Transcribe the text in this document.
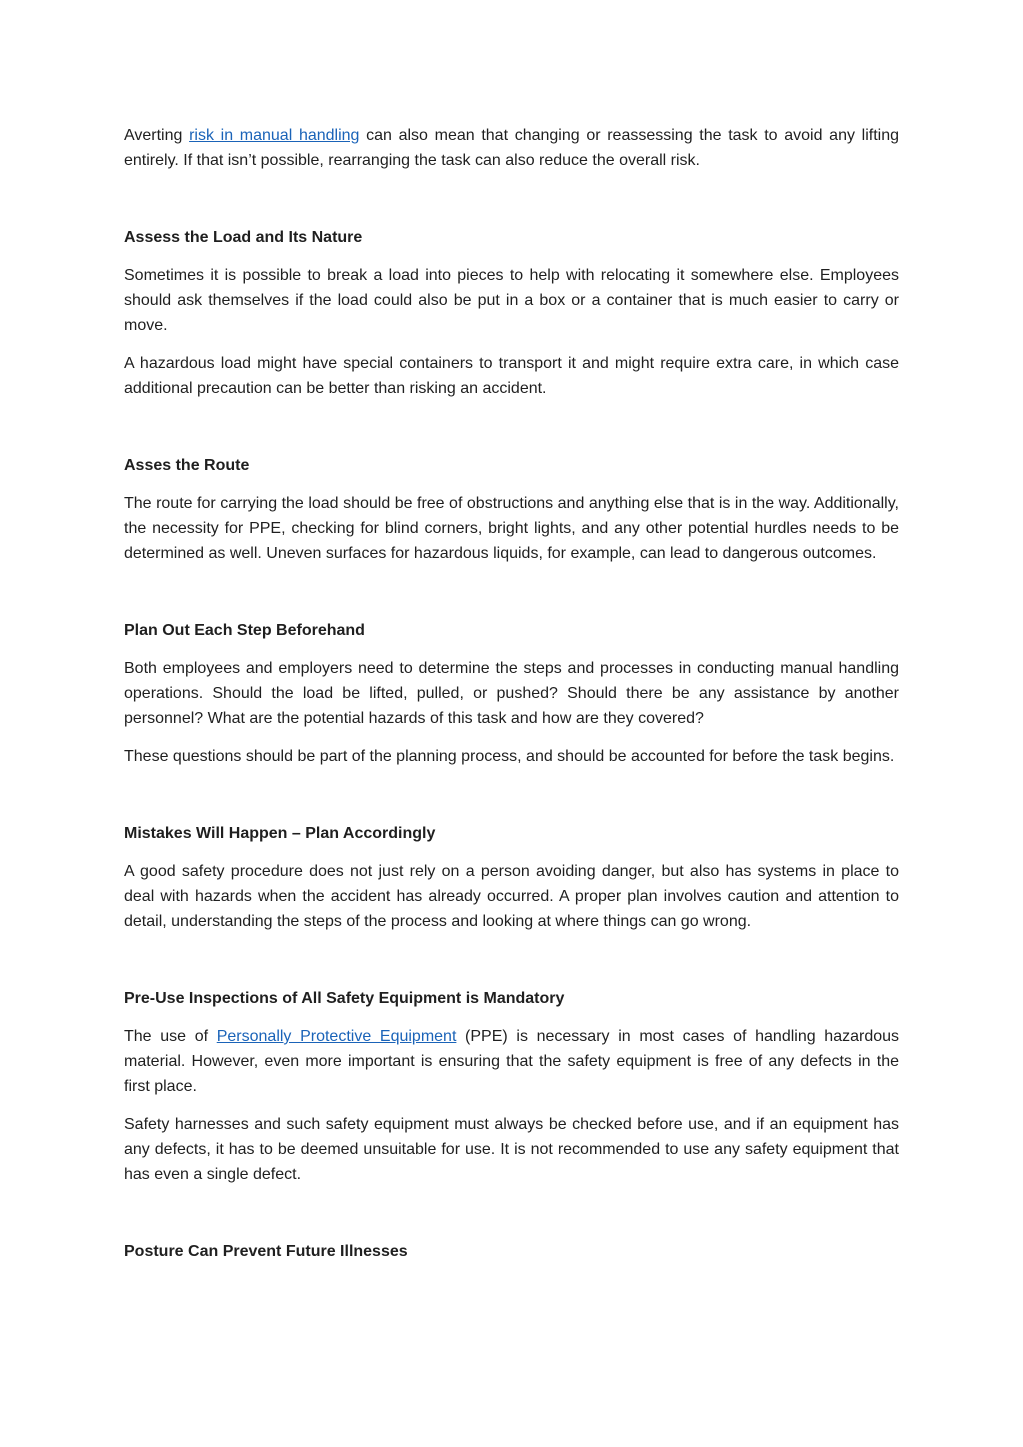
Averting risk in manual handling can also mean that changing or reassessing the task to avoid any lifting entirely. If that isn’t possible, rearranging the task can also reduce the overall risk.

Assess the Load and Its Nature

Sometimes it is possible to break a load into pieces to help with relocating it somewhere else. Employees should ask themselves if the load could also be put in a box or a container that is much easier to carry or move.

A hazardous load might have special containers to transport it and might require extra care, in which case additional precaution can be better than risking an accident.

Asses the Route

The route for carrying the load should be free of obstructions and anything else that is in the way. Additionally, the necessity for PPE, checking for blind corners, bright lights, and any other potential hurdles needs to be determined as well. Uneven surfaces for hazardous liquids, for example, can lead to dangerous outcomes.

Plan Out Each Step Beforehand

Both employees and employers need to determine the steps and processes in conducting manual handling operations. Should the load be lifted, pulled, or pushed? Should there be any assistance by another personnel? What are the potential hazards of this task and how are they covered?

These questions should be part of the planning process, and should be accounted for before the task begins.

Mistakes Will Happen – Plan Accordingly

A good safety procedure does not just rely on a person avoiding danger, but also has systems in place to deal with hazards when the accident has already occurred. A proper plan involves caution and attention to detail, understanding the steps of the process and looking at where things can go wrong.

Pre-Use Inspections of All Safety Equipment is Mandatory

The use of Personally Protective Equipment (PPE) is necessary in most cases of handling hazardous material. However, even more important is ensuring that the safety equipment is free of any defects in the first place.

Safety harnesses and such safety equipment must always be checked before use, and if an equipment has any defects, it has to be deemed unsuitable for use. It is not recommended to use any safety equipment that has even a single defect.

Posture Can Prevent Future Illnesses
